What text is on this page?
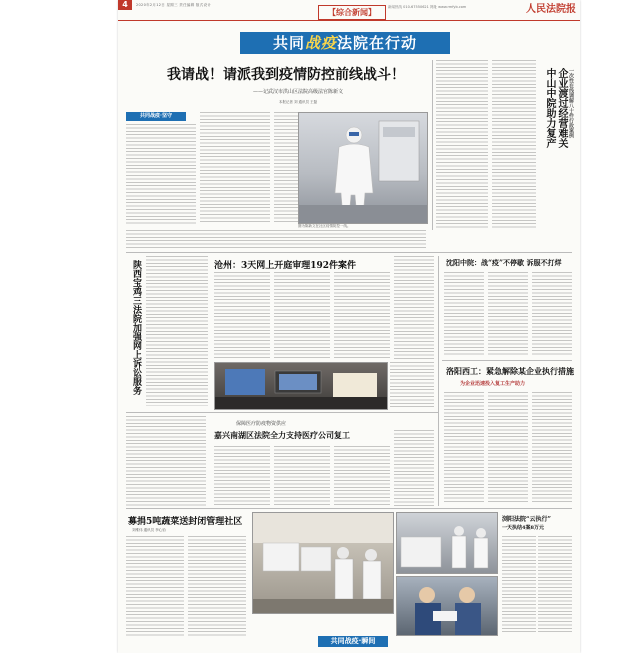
4	2020年2月12日 星期三 责任编辑 版式设计
【综合新闻】
新闻热线 010-67550621 网址 www.rmfyb.com	人民法院报
共同战疫法院在行动
我请战！请派我到疫情防控前线战斗！
——记武汉市洪山区法院高级法官陈新文
本报记者 刘 通讯员 王磊
共同战疫·坚守
图为陈新文在社区疫情防控一线。
中山中院助力复产 企业渡过经营难关 一次性在线调解八十件行政案例
陕西宝鸡三法院加强网上诉讼服务	沧州：3天网上开庭审理192件案件	沈阳中院：战“疫”不停歇 诉服不打烊
洛阳西工：紧急解除某企业执行措施
为企业迅速投入复工生产助力
保障医疗防疫物资供应
嘉兴南湖区法院全力支持医疗公司复工
募捐5吨蔬菜送封闭管理社区
刘维伟 通讯员 李心怡
浏阳法院“云执行”
一天执结4案8万元
共同战疫·瞬间
